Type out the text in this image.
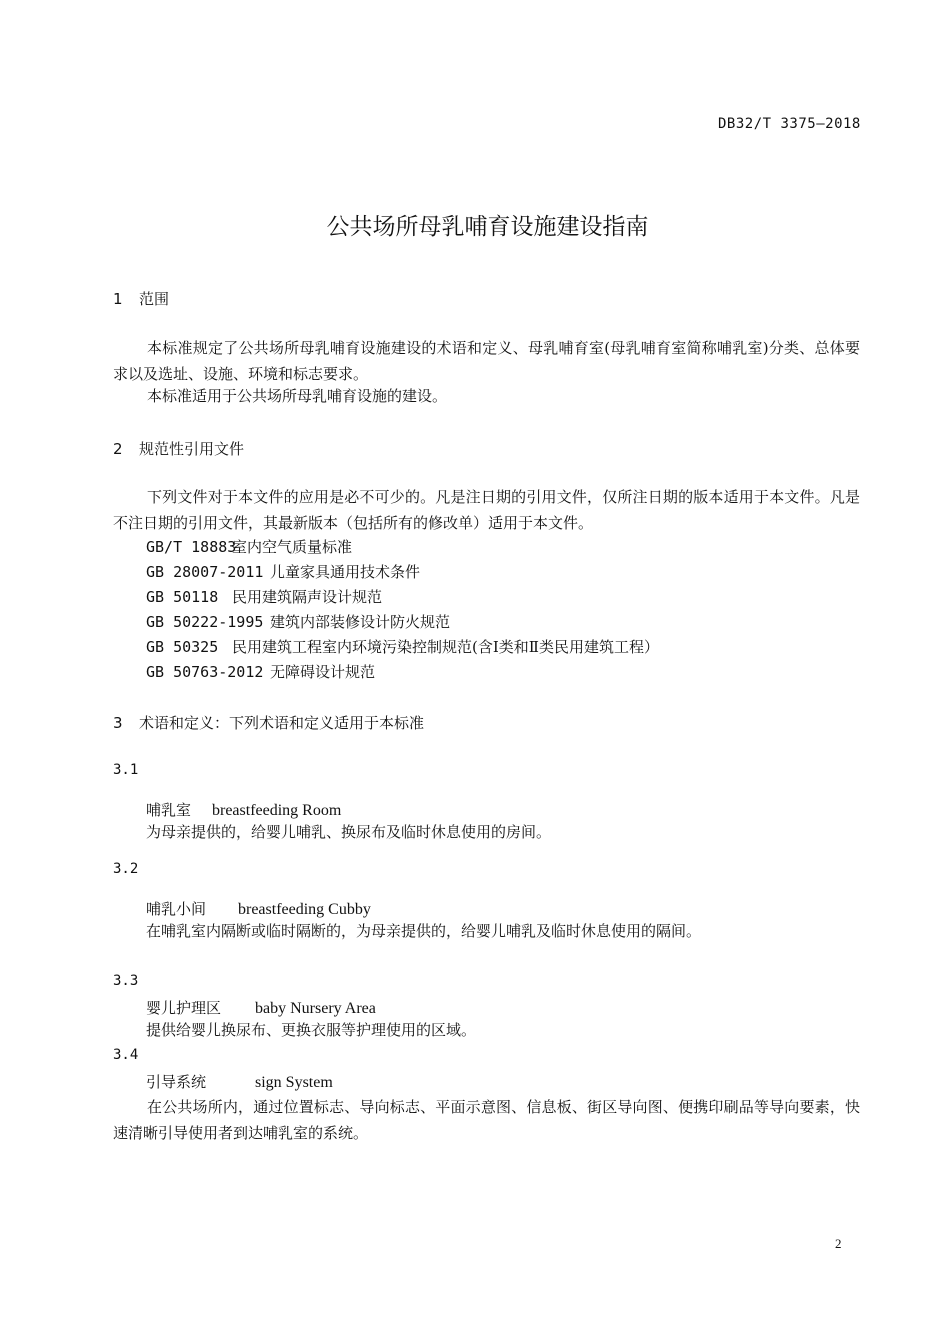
DB32/T 3375—2018
公共场所母乳哺育设施建设指南
1 范围
本标准规定了公共场所母乳哺育设施建设的术语和定义、母乳哺育室(母乳哺育室简称哺乳室)分类、总体要求以及选址、设施、环境和标志要求。
本标准适用于公共场所母乳哺育设施的建设。
2 规范性引用文件
下列文件对于本文件的应用是必不可少的。凡是注日期的引用文件，仅所注日期的版本适用于本文件。凡是不注日期的引用文件，其最新版本（包括所有的修改单）适用于本文件。
GB/T 18883室内空气质量标准
GB 28007-2011 儿童家具通用技术条件
GB 50118 民用建筑隔声设计规范
GB 50222-1995 建筑内部装修设计防火规范
GB 50325 民用建筑工程室内环境污染控制规范(含I类和Ⅱ类民用建筑工程）
GB 50763-2012 无障碍设计规范
3 术语和定义：下列术语和定义适用于本标准
3.1
哺乳室 breastfeeding Room
为母亲提供的，给婴儿哺乳、换尿布及临时休息使用的房间。
3.2
哺乳小间 breastfeeding Cubby
在哺乳室内隔断或临时隔断的，为母亲提供的，给婴儿哺乳及临时休息使用的隔间。
3.3
婴儿护理区 baby Nursery Area
提供给婴儿换尿布、更换衣服等护理使用的区域。
3.4
引导系统	sign System
在公共场所内，通过位置标志、导向标志、平面示意图、信息板、街区导向图、便携印刷品等导向要素，快速清晰引导使用者到达哺乳室的系统。
2
